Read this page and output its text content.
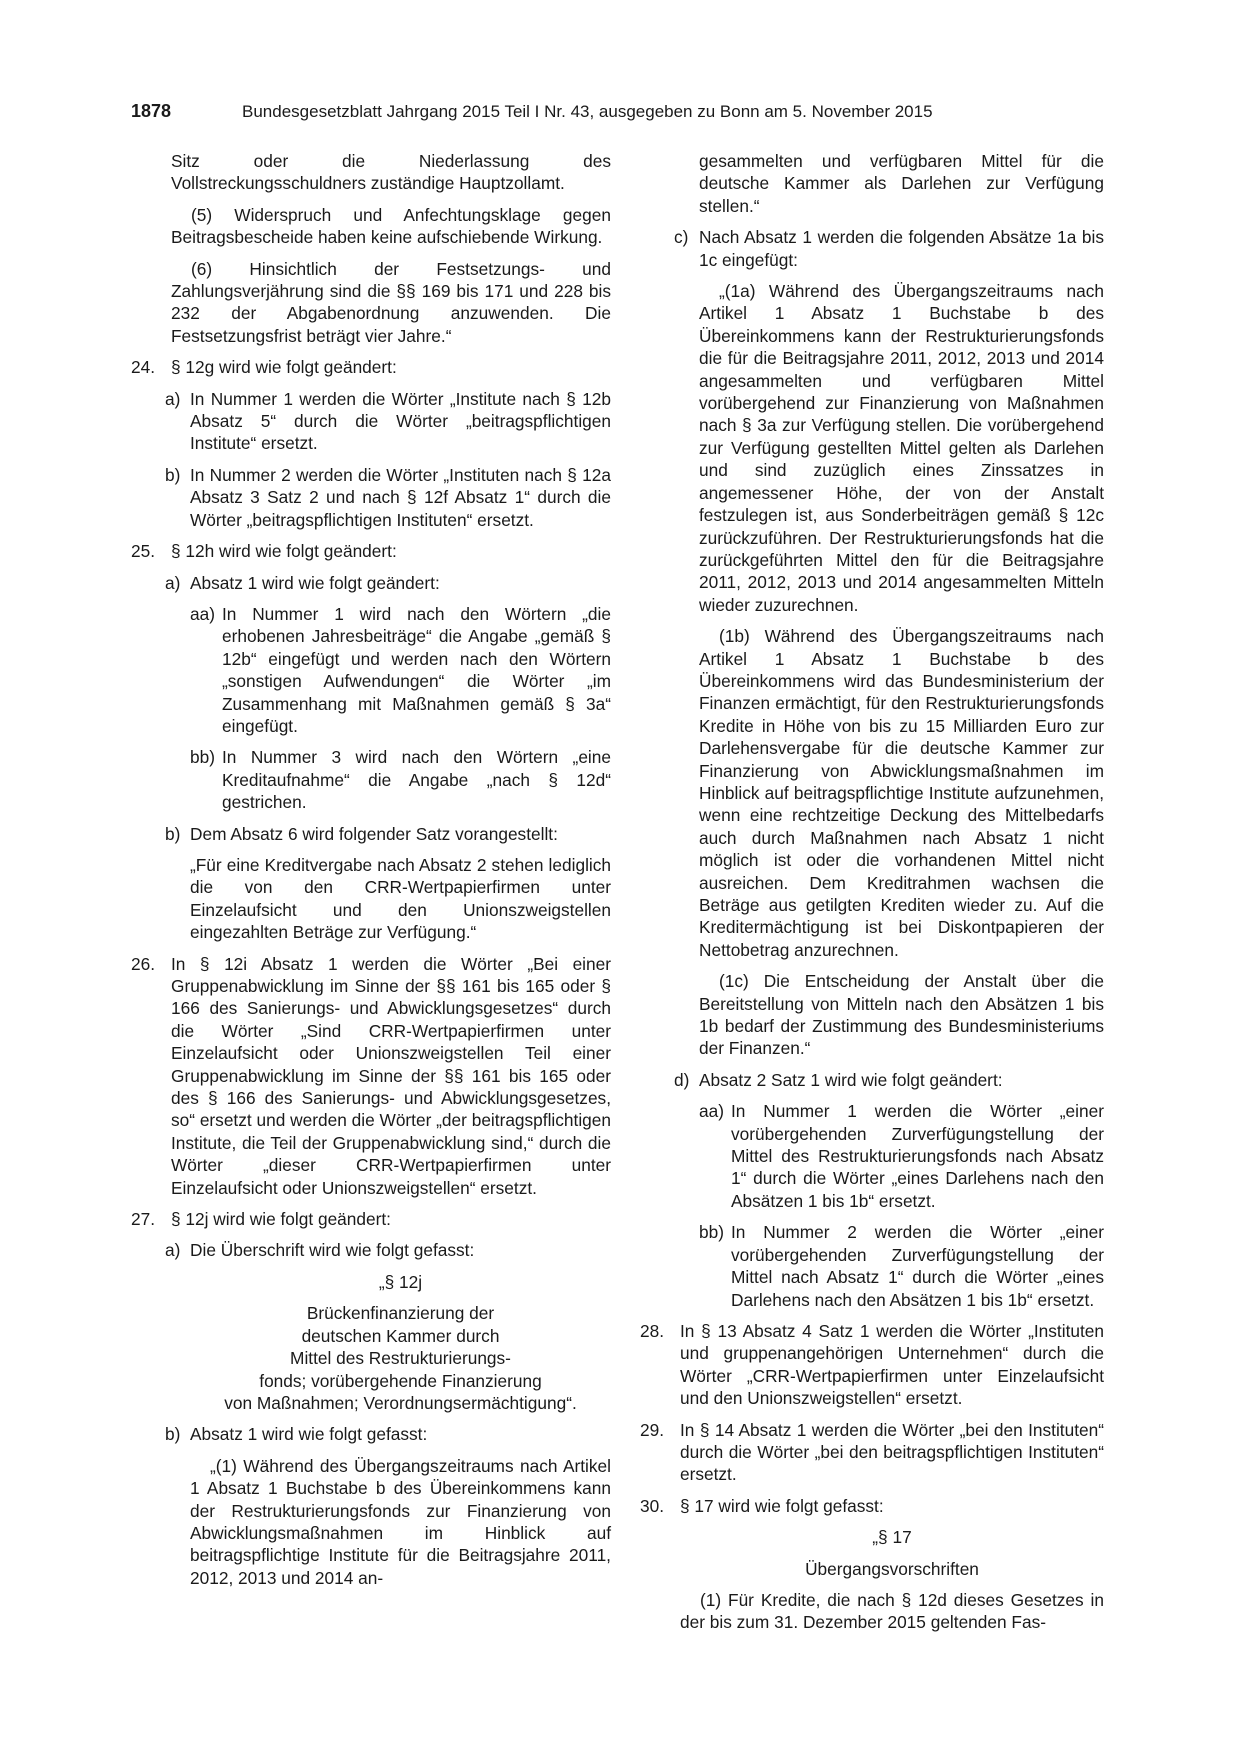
1878	Bundesgesetzblatt Jahrgang 2015 Teil I Nr. 43, ausgegeben zu Bonn am 5. November 2015

Sitz oder die Niederlassung des Vollstreckungsschuldners zuständige Hauptzollamt.

(5) Widerspruch und Anfechtungsklage gegen Beitragsbescheide haben keine aufschiebende Wirkung.

(6) Hinsichtlich der Festsetzungs- und Zahlungsverjährung sind die §§ 169 bis 171 und 228 bis 232 der Abgabenordnung anzuwenden. Die Festsetzungsfrist beträgt vier Jahre.“

24. § 12g wird wie folgt geändert:
a) In Nummer 1 werden die Wörter „Institute nach § 12b Absatz 5“ durch die Wörter „beitragspflichtigen Institute“ ersetzt.
b) In Nummer 2 werden die Wörter „Instituten nach § 12a Absatz 3 Satz 2 und nach § 12f Absatz 1“ durch die Wörter „beitragspflichtigen Instituten“ ersetzt.
25. § 12h wird wie folgt geändert:
a) Absatz 1 wird wie folgt geändert:
aa) In Nummer 1 wird nach den Wörtern „die erhobenen Jahresbeiträge“ die Angabe „gemäß § 12b“ eingefügt und werden nach den Wörtern „sonstigen Aufwendungen“ die Wörter „im Zusammenhang mit Maßnahmen gemäß § 3a“ eingefügt.
bb) In Nummer 3 wird nach den Wörtern „eine Kreditaufnahme“ die Angabe „nach § 12d“ gestrichen.
b) Dem Absatz 6 wird folgender Satz vorangestellt:

„Für eine Kreditvergabe nach Absatz 2 stehen lediglich die von den CRR-Wertpapierfirmen unter Einzelaufsicht und den Unionszweigstellen eingezahlten Beträge zur Verfügung.“

26. In § 12i Absatz 1 werden die Wörter „Bei einer Gruppenabwicklung im Sinne der §§ 161 bis 165 oder § 166 des Sanierungs- und Abwicklungsgesetzes“ durch die Wörter „Sind CRR-Wertpapierfirmen unter Einzelaufsicht oder Unionszweigstellen Teil einer Gruppenabwicklung im Sinne der §§ 161 bis 165 oder des § 166 des Sanierungs- und Abwicklungsgesetzes, so“ ersetzt und werden die Wörter „der beitragspflichtigen Institute, die Teil der Gruppenabwicklung sind,“ durch die Wörter „dieser CRR-Wertpapierfirmen unter Einzelaufsicht oder Unionszweigstellen“ ersetzt.
27. § 12j wird wie folgt geändert:
a) Die Überschrift wird wie folgt gefasst:
„§ 12j
Brückenfinanzierung der
deutschen Kammer durch
Mittel des Restrukturierungs-
fonds; vorübergehende Finanzierung
von Maßnahmen; Verordnungsermächtigung“.
b) Absatz 1 wird wie folgt gefasst:

„(1) Während des Übergangszeitraums nach Artikel 1 Absatz 1 Buchstabe b des Übereinkommens kann der Restrukturierungsfonds zur Finanzierung von Abwicklungsmaßnahmen im Hinblick auf beitragspflichtige Institute für die Beitragsjahre 2011, 2012, 2013 und 2014 an-

gesammelten und verfügbaren Mittel für die deutsche Kammer als Darlehen zur Verfügung stellen.“

c) Nach Absatz 1 werden die folgenden Absätze 1a bis 1c eingefügt:

„(1a) Während des Übergangszeitraums nach Artikel 1 Absatz 1 Buchstabe b des Übereinkommens kann der Restrukturierungsfonds die für die Beitragsjahre 2011, 2012, 2013 und 2014 angesammelten und verfügbaren Mittel vorübergehend zur Finanzierung von Maßnahmen nach § 3a zur Verfügung stellen. Die vorübergehend zur Verfügung gestellten Mittel gelten als Darlehen und sind zuzüglich eines Zinssatzes in angemessener Höhe, der von der Anstalt festzulegen ist, aus Sonderbeiträgen gemäß § 12c zurückzuführen. Der Restrukturierungsfonds hat die zurückgeführten Mittel den für die Beitragsjahre 2011, 2012, 2013 und 2014 angesammelten Mitteln wieder zuzurechnen.

(1b) Während des Übergangszeitraums nach Artikel 1 Absatz 1 Buchstabe b des Übereinkommens wird das Bundesministerium der Finanzen ermächtigt, für den Restrukturierungsfonds Kredite in Höhe von bis zu 15 Milliarden Euro zur Darlehensvergabe für die deutsche Kammer zur Finanzierung von Abwicklungsmaßnahmen im Hinblick auf beitragspflichtige Institute aufzunehmen, wenn eine rechtzeitige Deckung des Mittelbedarfs auch durch Maßnahmen nach Absatz 1 nicht möglich ist oder die vorhandenen Mittel nicht ausreichen. Dem Kreditrahmen wachsen die Beträge aus getilgten Krediten wieder zu. Auf die Kreditermächtigung ist bei Diskontpapieren der Nettobetrag anzurechnen.

(1c) Die Entscheidung der Anstalt über die Bereitstellung von Mitteln nach den Absätzen 1 bis 1b bedarf der Zustimmung des Bundesministeriums der Finanzen.“

d) Absatz 2 Satz 1 wird wie folgt geändert:
aa) In Nummer 1 werden die Wörter „einer vorübergehenden Zurverfügungstellung der Mittel des Restrukturierungsfonds nach Absatz 1“ durch die Wörter „eines Darlehens nach den Absätzen 1 bis 1b“ ersetzt.
bb) In Nummer 2 werden die Wörter „einer vorübergehenden Zurverfügungstellung der Mittel nach Absatz 1“ durch die Wörter „eines Darlehens nach den Absätzen 1 bis 1b“ ersetzt.
28. In § 13 Absatz 4 Satz 1 werden die Wörter „Instituten und gruppenangehörigen Unternehmen“ durch die Wörter „CRR-Wertpapierfirmen unter Einzelaufsicht und den Unionszweigstellen“ ersetzt.
29. In § 14 Absatz 1 werden die Wörter „bei den Instituten“ durch die Wörter „bei den beitragspflichtigen Instituten“ ersetzt.
30. § 17 wird wie folgt gefasst:
„§ 17
Übergangsvorschriften

(1) Für Kredite, die nach § 12d dieses Gesetzes in der bis zum 31. Dezember 2015 geltenden Fas-
